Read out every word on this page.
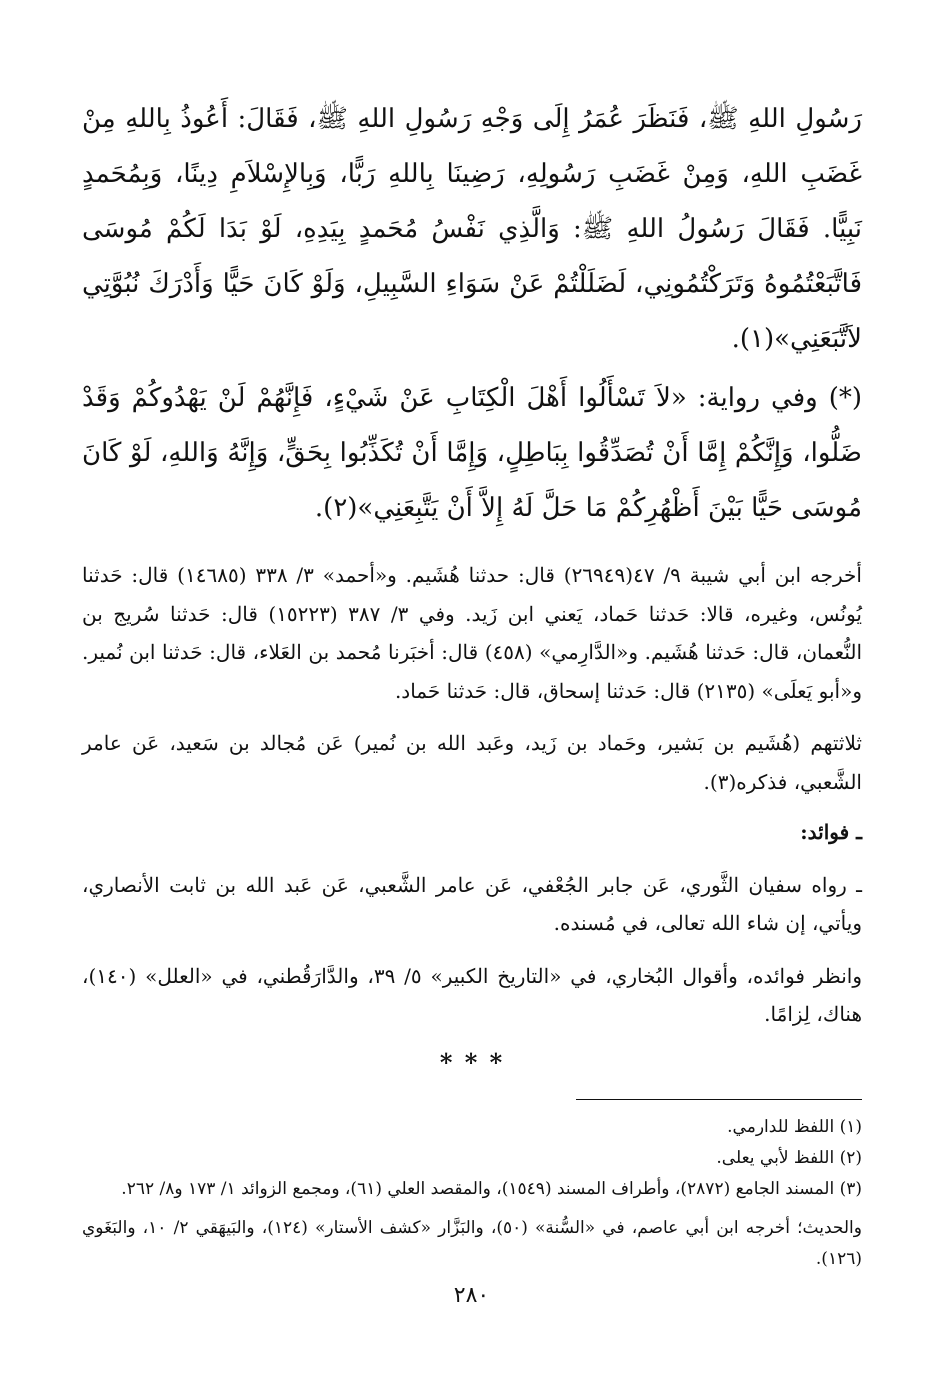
رَسُولِ اللهِ ﷺ، فَنَظَرَ عُمَرُ إِلَى وَجْهِ رَسُولِ اللهِ ﷺ، فَقَالَ: أَعُوذُ بِاللهِ مِنْ غَضَبِ اللهِ، وَمِنْ غَضَبِ رَسُولِهِ، رَضِينَا بِاللهِ رَبًّا، وَبِالإِسْلاَمِ دِينًا، وَبِمُحَمدٍ نَبِيًّا. فَقَالَ رَسُولُ اللهِ ﷺ: وَالَّذِي نَفْسُ مُحَمدٍ بِيَدِهِ، لَوْ بَدَا لَكُمْ مُوسَى فَاتَّبَعْتُمُوهُ وَتَرَكْتُمُونِي، لَضَلَلْتُمْ عَنْ سَوَاءِ السَّبِيلِ، وَلَوْ كَانَ حَيًّا وَأَدْرَكَ نُبُوَّتِي لاَتَّبَعَنِي»(١).

(*) وفي رواية: «لاَ تَسْأَلُوا أَهْلَ الْكِتَابِ عَنْ شَيْءٍ، فَإِنَّهُمْ لَنْ يَهْدُوكُمْ وَقَدْ ضَلُّوا، وَإِنَّكُمْ إِمَّا أَنْ تُصَدِّقُوا بِبَاطِلٍ، وَإِمَّا أَنْ تُكَذِّبُوا بِحَقٍّ، وَإِنَّهُ وَاللهِ، لَوْ كَانَ مُوسَى حَيًّا بَيْنَ أَظْهُرِكُمْ مَا حَلَّ لَهُ إِلاَّ أَنْ يَتَّبِعَنِي»(٢).

أخرجه ابن أبي شيبة ٩/ ٤٧(٢٦٩٤٩) قال: حدثنا هُشَيم. و«أحمد» ٣/ ٣٣٨ (١٤٦٨٥) قال: حَدثنا يُونُس، وغيره، قالا: حَدثنا حَماد، يَعني ابن زَيد. وفي ٣/ ٣٨٧ (١٥٢٢٣) قال: حَدثنا سُريج بن النُّعمان، قال: حَدثنا هُشَيم. و«الدَّارِمي» (٤٥٨) قال: أخبَرنا مُحمد بن العَلاء، قال: حَدثنا ابن نُمير. و«أبو يَعلَى» (٢١٣٥) قال: حَدثنا إسحاق، قال: حَدثنا حَماد.

ثلاثتهم (هُشَيم بن بَشير، وحَماد بن زَيد، وعَبد الله بن نُمير) عَن مُجالد بن سَعيد، عَن عامر الشَّعبي، فذكره(٣).

ـ فوائد:

ـ رواه سفيان الثَّوري، عَن جابر الجُعْفي، عَن عامر الشَّعبي، عَن عَبد الله بن ثابت الأنصاري، ويأتي، إن شاء الله تعالى، في مُسنده.

وانظر فوائده، وأقوال البُخاري، في «التاريخ الكبير» ٥/ ٣٩، والدَّارَقُطني، في «العلل» (١٤٠)، هناك، لِزامًا.

* * *

(١) اللفظ للدارمي.

(٢) اللفظ لأبي يعلى.

(٣) المسند الجامع (٢٨٧٢)، وأطراف المسند (١٥٤٩)، والمقصد العلي (٦١)، ومجمع الزوائد ١/ ١٧٣ و٨/ ٢٦٢.

والحديث؛ أخرجه ابن أبي عاصم، في «السُّنة» (٥٠)، والبَزَّار «كشف الأستار» (١٢٤)، والبَيهَقي ٢/ ١٠، والبَغَوي (١٢٦).

٢٨٠
